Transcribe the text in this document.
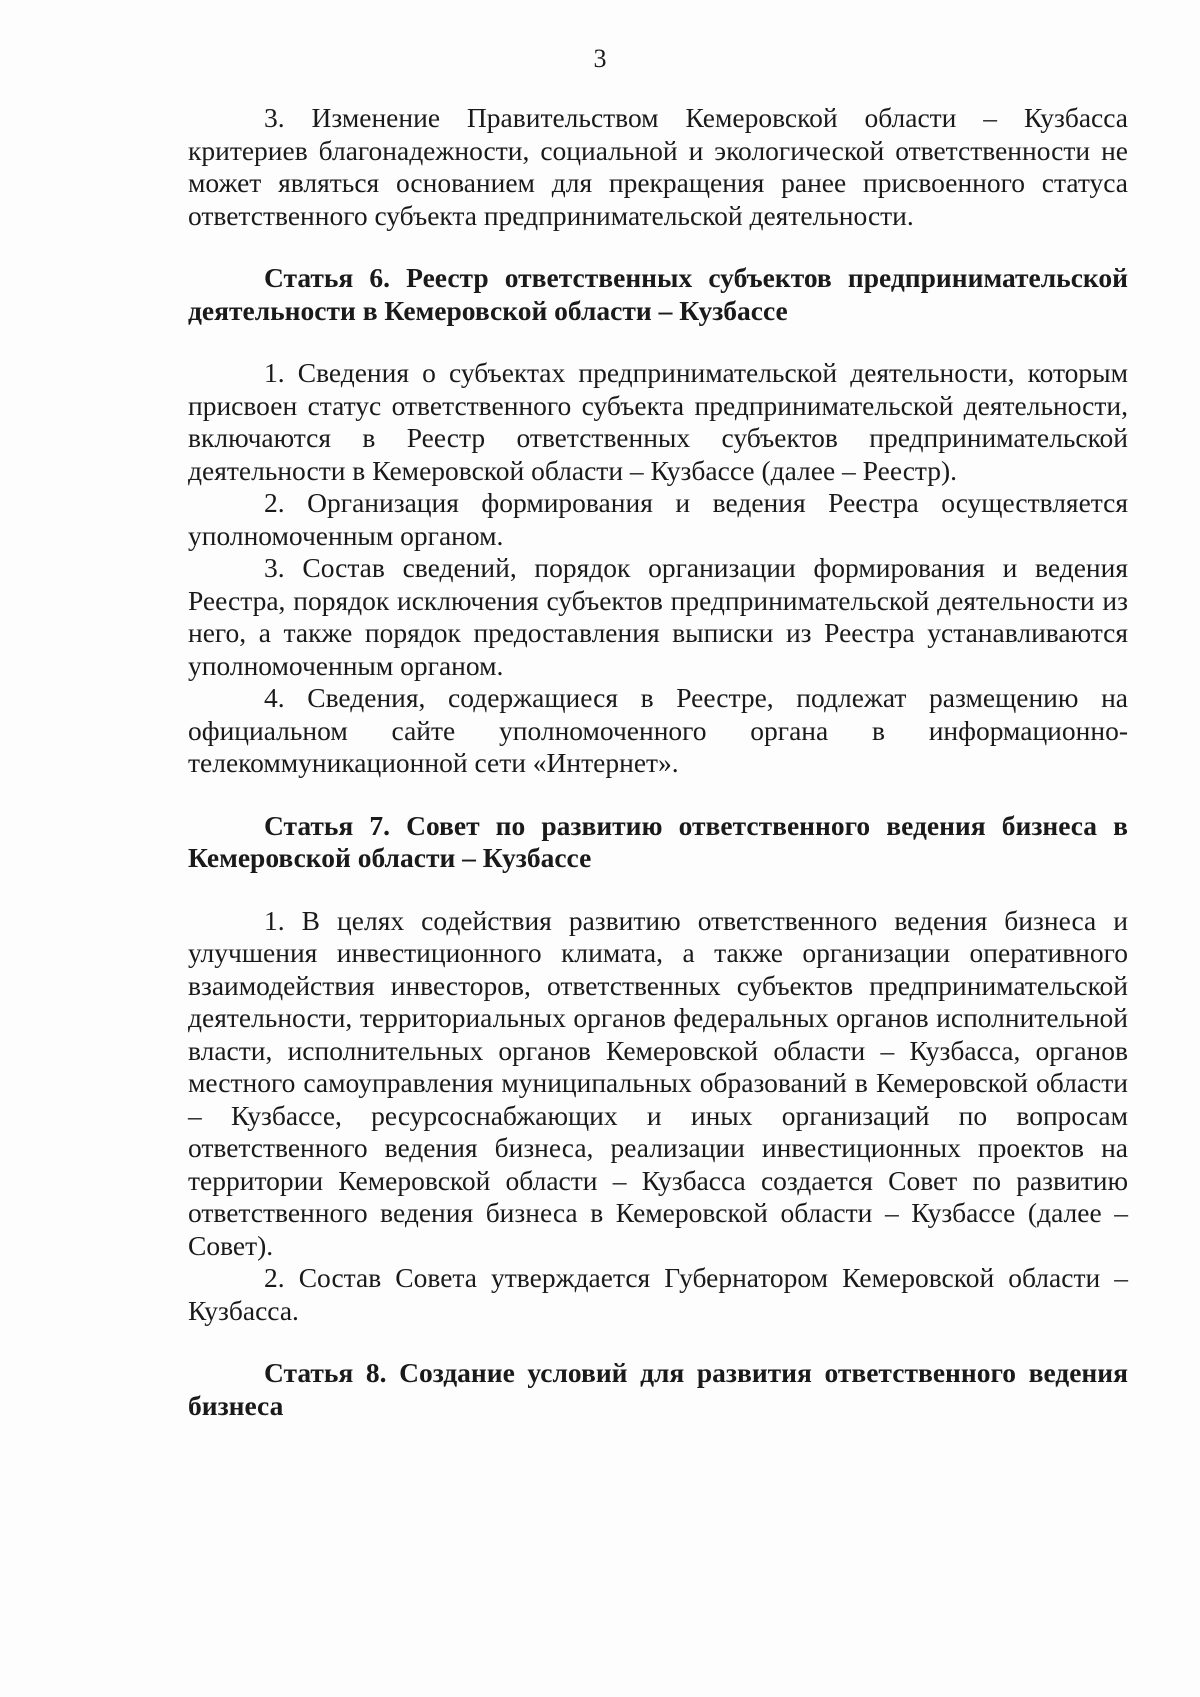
3

3. Изменение Правительством Кемеровской области – Кузбасса критериев благонадежности, социальной и экологической ответственности не может являться основанием для прекращения ранее присвоенного статуса ответственного субъекта предпринимательской деятельности.

Статья 6. Реестр ответственных субъектов предпринимательской деятельности в Кемеровской области – Кузбассе

1. Сведения о субъектах предпринимательской деятельности, которым присвоен статус ответственного субъекта предпринимательской деятельности, включаются в Реестр ответственных субъектов предпринимательской деятельности в Кемеровской области – Кузбассе (далее – Реестр).

2. Организация формирования и ведения Реестра осуществляется уполномоченным органом.

3. Состав сведений, порядок организации формирования и ведения Реестра, порядок исключения субъектов предпринимательской деятельности из него, а также порядок предоставления выписки из Реестра устанавливаются уполномоченным органом.

4. Сведения, содержащиеся в Реестре, подлежат размещению на официальном сайте уполномоченного органа в информационно-телекоммуникационной сети «Интернет».

Статья 7. Совет по развитию ответственного ведения бизнеса в Кемеровской области – Кузбассе

1. В целях содействия развитию ответственного ведения бизнеса и улучшения инвестиционного климата, а также организации оперативного взаимодействия инвесторов, ответственных субъектов предпринимательской деятельности, территориальных органов федеральных органов исполнительной власти, исполнительных органов Кемеровской области – Кузбасса, органов местного самоуправления муниципальных образований в Кемеровской области – Кузбассе, ресурсоснабжающих и иных организаций по вопросам ответственного ведения бизнеса, реализации инвестиционных проектов на территории Кемеровской области – Кузбасса создается Совет по развитию ответственного ведения бизнеса в Кемеровской области – Кузбассе (далее – Совет).

2. Состав Совета утверждается Губернатором Кемеровской области – Кузбасса.

Статья 8. Создание условий для развития ответственного ведения бизнеса
